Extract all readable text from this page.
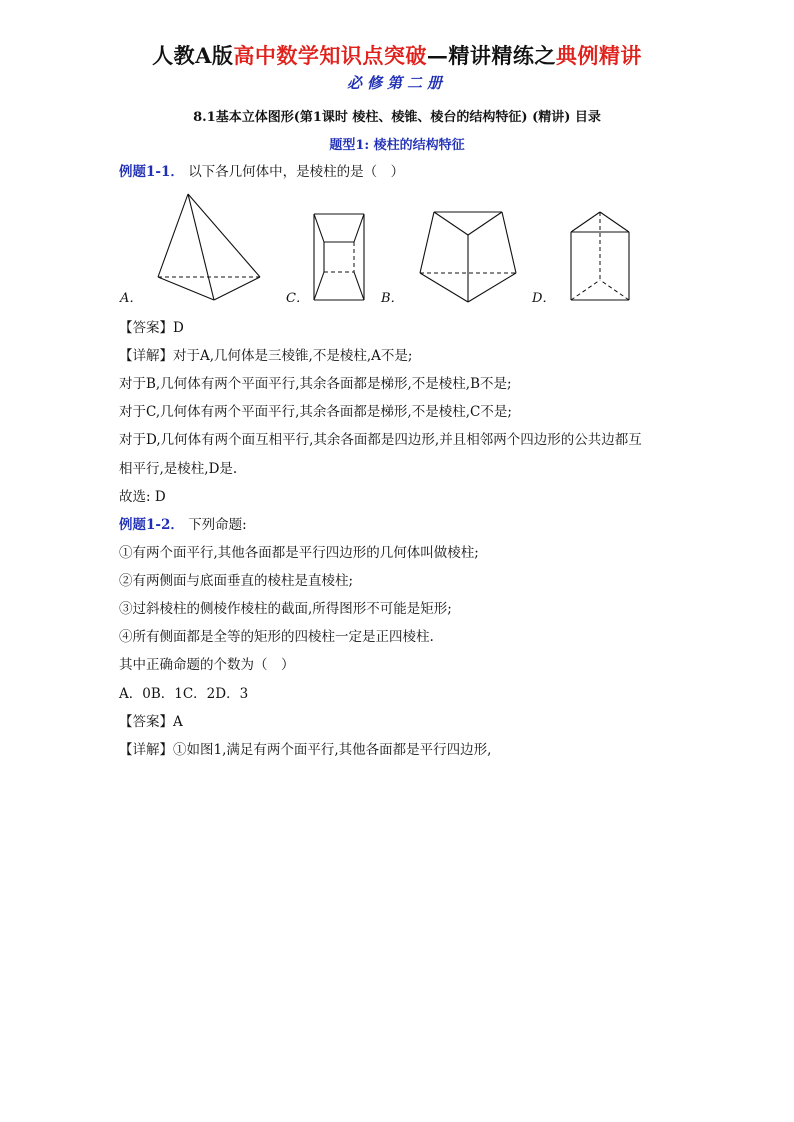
人教A版高中数学知识点突破—精讲精练之典例精讲
必修第二册
8.1基本立体图形(第1课时 棱柱、棱锥、棱台的结构特征) (精讲) 目录
题型1: 棱柱的结构特征
例题1-1． 以下各几何体中，是棱柱的是（　）
A．	B．
C．	D．
【答案】D
【详解】对于A,几何体是三棱锥,不是棱柱,A不是;
对于B,几何体有两个平面平行,其余各面都是梯形,不是棱柱,B不是;
对于C,几何体有两个平面平行,其余各面都是梯形,不是棱柱,C不是;
对于D,几何体有两个面互相平行,其余各面都是四边形,并且相邻两个四边形的公共边都互
相平行,是棱柱,D是.
故选: D
例题1-2． 下列命题:
①有两个面平行,其他各面都是平行四边形的几何体叫做棱柱;
②有两侧面与底面垂直的棱柱是直棱柱;
③过斜棱柱的侧棱作棱柱的截面,所得图形不可能是矩形;
④所有侧面都是全等的矩形的四棱柱一定是正四棱柱.
其中正确命题的个数为（　）
A．0B．1C．2D．3
【答案】A
【详解】①如图1,满足有两个面平行,其他各面都是平行四边形,
